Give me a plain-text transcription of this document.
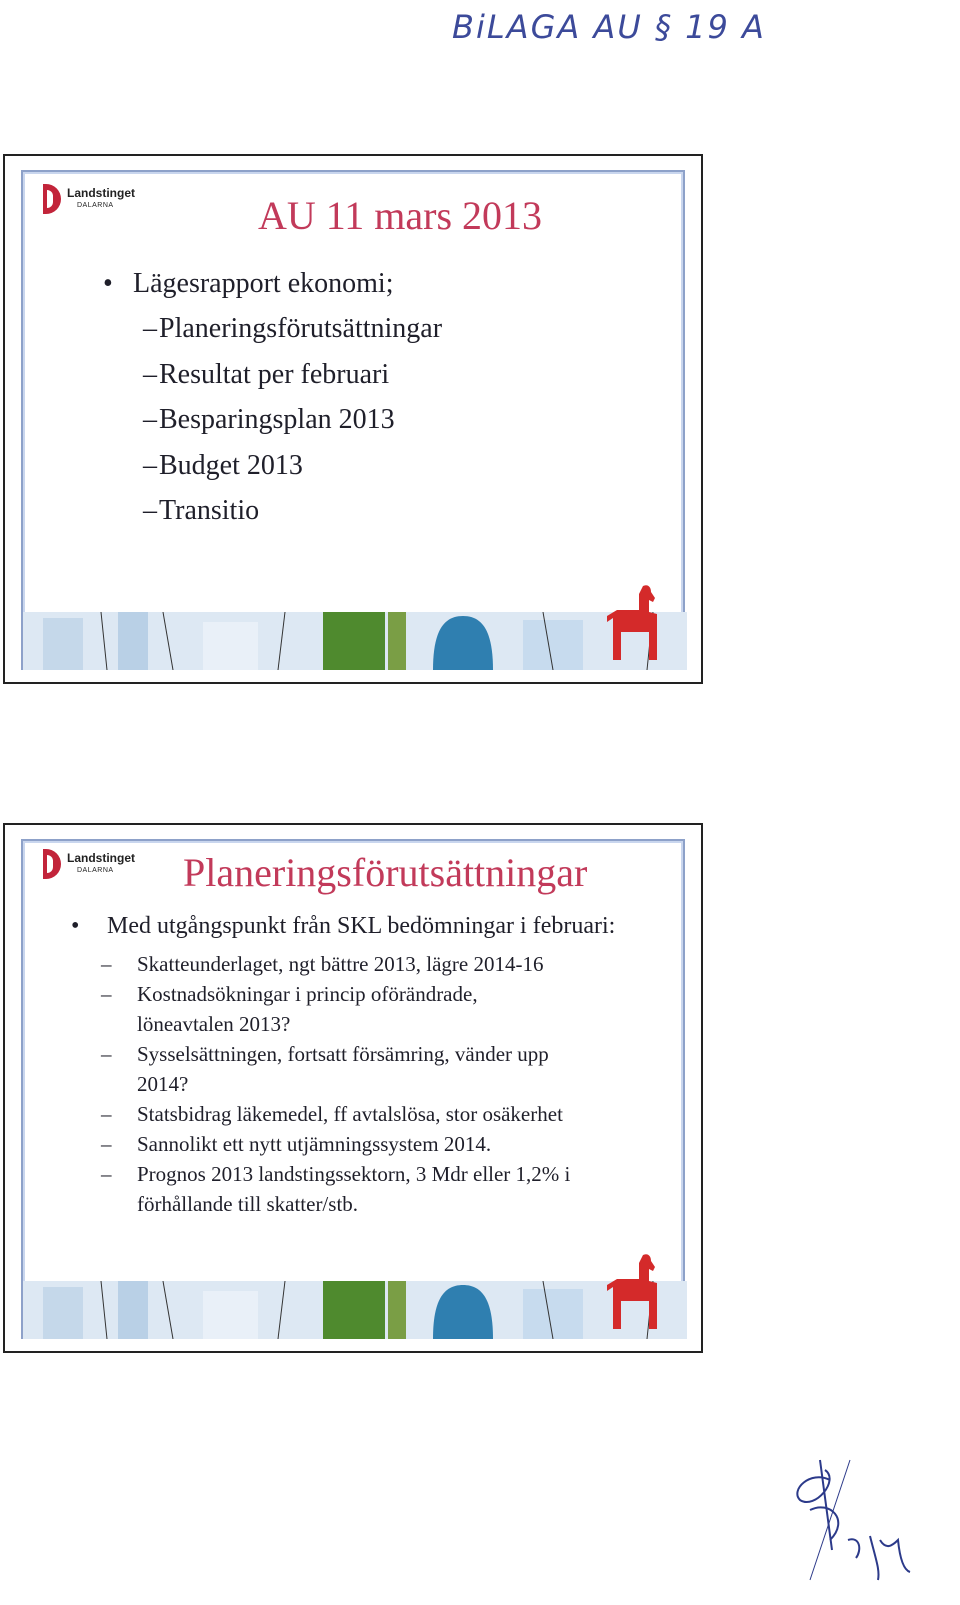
BiLAGA AU § 19 A
Landstinget
DALARNA	AU 11 mars 2013
• Lägesrapport ekonomi;
– Planeringsförutsättningar
– Resultat per februari
– Besparingsplan 2013
– Budget 2013
– Transitio
Landstinget
DALARNA Planeringsförutsättningar
• Med utgångspunkt från SKL bedömningar i februari:
– Skatteunderlaget, ngt bättre 2013, lägre 2014-16
– Kostnadsökningar i princip oförändrade, löneavtalen 2013?
– Sysselsättningen, fortsatt försämring, vänder upp 2014?
– Statsbidrag läkemedel, ff avtalslösa, stor osäkerhet
– Sannolikt ett nytt utjämningssystem 2014.
– Prognos 2013 landstingssektorn, 3 Mdr eller 1,2% i förhållande till skatter/stb.
